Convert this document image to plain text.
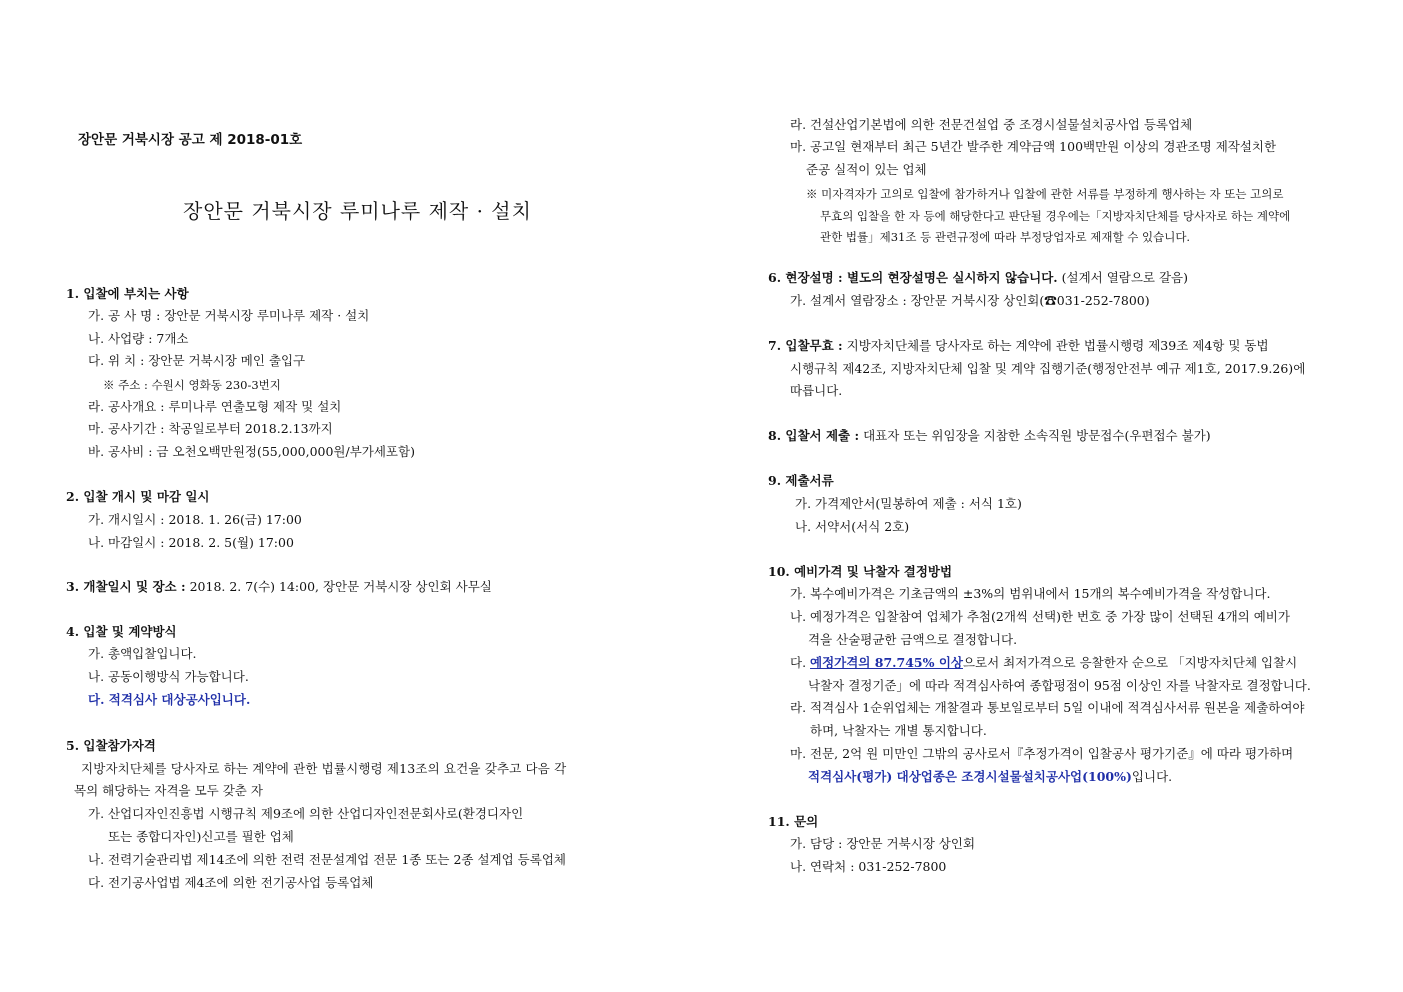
장안문 거북시장 공고 제 2018-01호
장안문 거북시장 루미나루 제작 · 설치
1. 입찰에 부치는 사항
가. 공 사 명 : 장안문 거북시장 루미나루 제작 · 설치
나. 사업량 : 7개소
다. 위 치 : 장안문 거북시장 메인 출입구
※ 주소 : 수원시 영화동 230-3번지
라. 공사개요 : 루미나루 연출모형 제작 및 설치
마. 공사기간 : 착공일로부터 2018.2.13까지
바. 공사비 : 금 오천오백만원정(55,000,000원/부가세포함)
2. 입찰 개시 및 마감 일시
가. 개시일시 : 2018. 1. 26(금) 17:00
나. 마감일시 : 2018. 2. 5(월) 17:00
3. 개찰일시 및 장소 : 2018. 2. 7(수) 14:00, 장안문 거북시장 상인회 사무실
4. 입찰 및 계약방식
가. 총액입찰입니다.
나. 공동이행방식 가능합니다.
다. 적격심사 대상공사입니다.
5. 입찰참가자격
지방자치단체를 당사자로 하는 계약에 관한 법률시행령 제13조의 요건을 갖추고 다음 각
목의 해당하는 자격을 모두 갖춘 자
가. 산업디자인진흥법 시행규칙 제9조에 의한 산업디자인전문회사로(환경디자인
또는 종합디자인)신고를 필한 업체
나. 전력기술관리법 제14조에 의한 전력 전문설계업 전문 1종 또는 2종 설계업 등록업체
다. 전기공사업법 제4조에 의한 전기공사업 등록업체
라. 건설산업기본법에 의한 전문건설업 중 조경시설물설치공사업 등록업체
마. 공고일 현재부터 최근 5년간 발주한 계약금액 100백만원 이상의 경관조명 제작설치한
준공 실적이 있는 업체
※ 미자격자가 고의로 입찰에 참가하거나 입찰에 관한 서류를 부정하게 행사하는 자 또는 고의로
무효의 입찰을 한 자 등에 해당한다고 판단될 경우에는「지방자치단체를 당사자로 하는 계약에
관한 법률」제31조 등 관련규정에 따라 부정당업자로 제재할 수 있습니다.
6. 현장설명 : 별도의 현장설명은 실시하지 않습니다. (설계서 열람으로 갈음)
가. 설계서 열람장소 : 장안문 거북시장 상인회(☎031-252-7800)
7. 입찰무효 : 지방자치단체를 당사자로 하는 계약에 관한 법률시행령 제39조 제4항 및 동법
시행규칙 제42조, 지방자치단체 입찰 및 계약 집행기준(행정안전부 예규 제1호, 2017.9.26)에
따릅니다.
8. 입찰서 제출 : 대표자 또는 위임장을 지참한 소속직원 방문접수(우편접수 불가)
9. 제출서류
가. 가격제안서(밀봉하여 제출 : 서식 1호)
나. 서약서(서식 2호)
10. 예비가격 및 낙찰자 결정방법
가. 복수예비가격은 기초금액의 ±3%의 범위내에서 15개의 복수예비가격을 작성합니다.
나. 예정가격은 입찰참여 업체가 추첨(2개씩 선택)한 번호 중 가장 많이 선택된 4개의 예비가
격을 산술평균한 금액으로 결정합니다.
다. 예정가격의 87.745% 이상으로서 최저가격으로 응찰한자 순으로 「지방자치단체 입찰시
낙찰자 결정기준」에 따라 적격심사하여 종합평점이 95점 이상인 자를 낙찰자로 결정합니다.
라. 적격심사 1순위업체는 개찰결과 통보일로부터 5일 이내에 적격심사서류 원본을 제출하여야
하며, 낙찰자는 개별 통지합니다.
마. 전문, 2억 원 미만인 그밖의 공사로서『추정가격이 입찰공사 평가기준』에 따라 평가하며
적격심사(평가) 대상업종은 조경시설물설치공사업(100%)입니다.
11. 문의
가. 담당 : 장안문 거북시장 상인회
나. 연락처 : 031-252-7800
